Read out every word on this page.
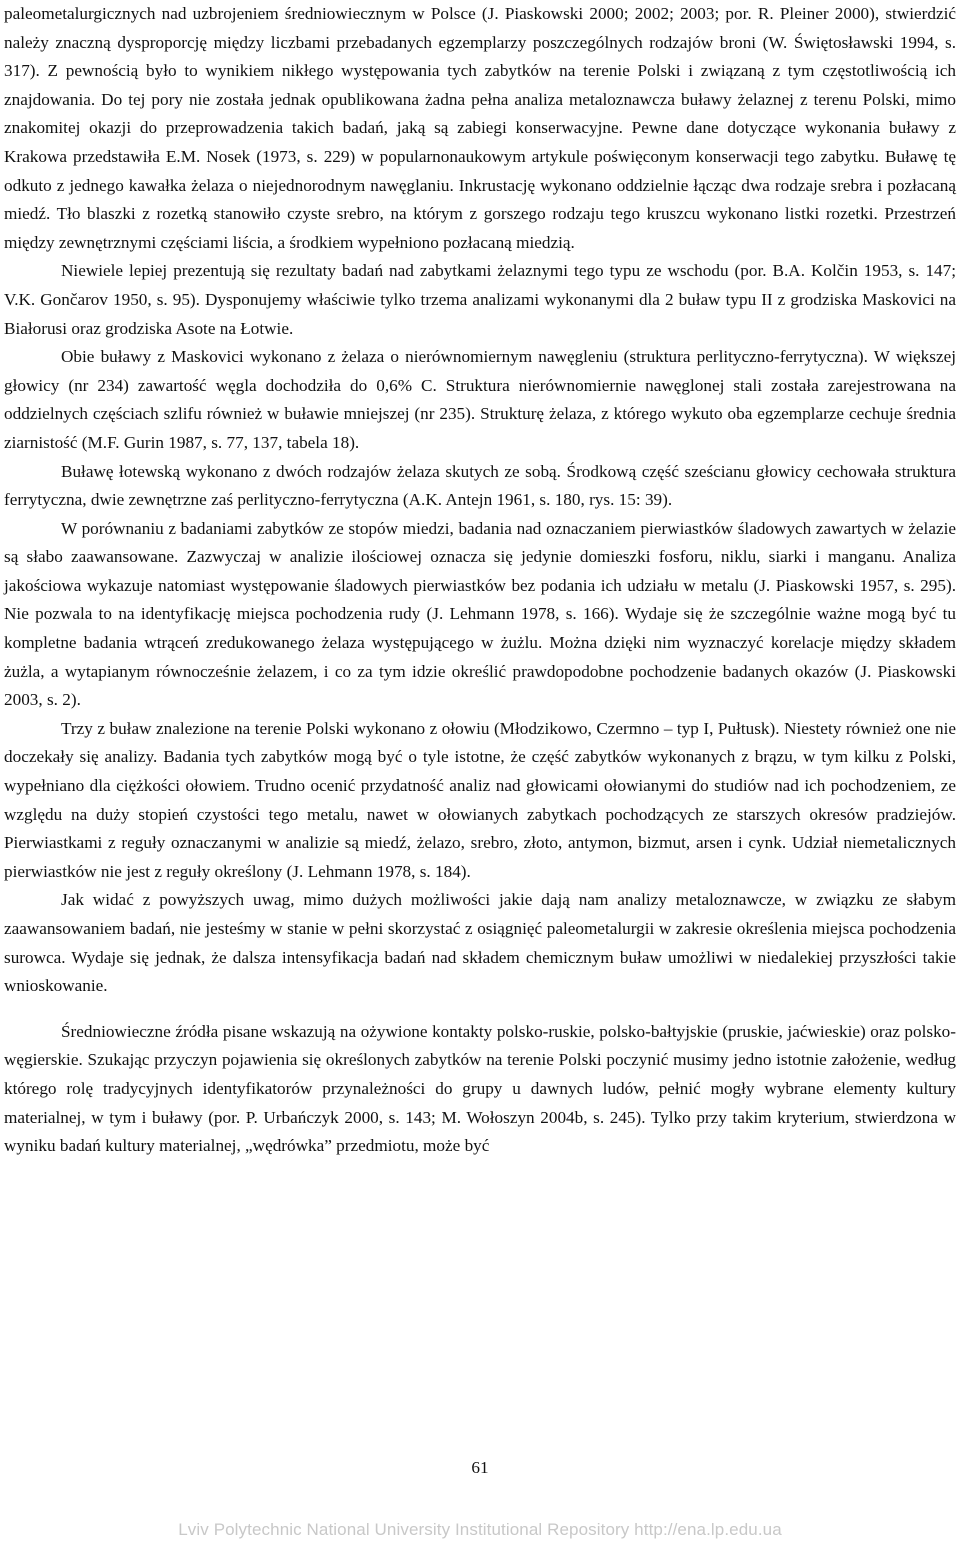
paleometalurgicznych nad uzbrojeniem średniowiecznym w Polsce (J. Piaskowski 2000; 2002; 2003; por. R. Pleiner 2000), stwierdzić należy znaczną dysproporcję między liczbami przebadanych egzemplarzy poszczególnych rodzajów broni (W. Świętosławski 1994, s. 317). Z pewnością było to wynikiem nikłego występowania tych zabytków na terenie Polski i związaną z tym częstotliwością ich znajdowania. Do tej pory nie została jednak opublikowana żadna pełna analiza metaloznawcza buławy żelaznej z terenu Polski, mimo znakomitej okazji do przeprowadzenia takich badań, jaką są zabiegi konserwacyjne. Pewne dane dotyczące wykonania buławy z Krakowa przedstawiła E.M. Nosek (1973, s. 229) w popularnonaukowym artykule poświęconym konserwacji tego zabytku. Buławę tę odkuto z jednego kawałka żelaza o niejednorodnym nawęglaniu. Inkrustację wykonano oddzielnie łącząc dwa rodzaje srebra i pozłacaną miedź. Tło blaszki z rozetką stanowiło czyste srebro, na którym z gorszego rodzaju tego kruszcu wykonano listki rozetki. Przestrzeń między zewnętrznymi częściami liścia, a środkiem wypełniono pozłacaną miedzią.

Niewiele lepiej prezentują się rezultaty badań nad zabytkami żelaznymi tego typu ze wschodu (por. B.A. Kolčin 1953, s. 147; V.K. Gončarov 1950, s. 95). Dysponujemy właściwie tylko trzema analizami wykonanymi dla 2 buław typu II z grodziska Maskovici na Białorusi oraz grodziska Asote na Łotwie.

Obie buławy z Maskovici wykonano z żelaza o nierównomiernym nawęgleniu (struktura perlityczno-ferrytyczna). W większej głowicy (nr 234) zawartość węgla dochodziła do 0,6% C. Struktura nierównomiernie nawęglonej stali została zarejestrowana na oddzielnych częściach szlifu również w buławie mniejszej (nr 235). Strukturę żelaza, z którego wykuto oba egzemplarze cechuje średnia ziarnistość (M.F. Gurin 1987, s. 77, 137, tabela 18).

Buławę łotewską wykonano z dwóch rodzajów żelaza skutych ze sobą. Środkową część sześcianu głowicy cechowała struktura ferrytyczna, dwie zewnętrzne zaś perlityczno-ferrytyczna (A.K. Antejn 1961, s. 180, rys. 15: 39).

W porównaniu z badaniami zabytków ze stopów miedzi, badania nad oznaczaniem pierwiastków śladowych zawartych w żelazie są słabo zaawansowane. Zazwyczaj w analizie ilościowej oznacza się jedynie domieszki fosforu, niklu, siarki i manganu. Analiza jakościowa wykazuje natomiast występowanie śladowych pierwiastków bez podania ich udziału w metalu (J. Piaskowski 1957, s. 295). Nie pozwala to na identyfikację miejsca pochodzenia rudy (J. Lehmann 1978, s. 166). Wydaje się że szczególnie ważne mogą być tu kompletne badania wtrąceń zredukowanego żelaza występującego w żużlu. Można dzięki nim wyznaczyć korelacje między składem żużla, a wytapianym równocześnie żelazem, i co za tym idzie określić prawdopodobne pochodzenie badanych okazów (J. Piaskowski 2003, s. 2).

Trzy z buław znalezione na terenie Polski wykonano z ołowiu (Młodzikowo, Czermno – typ I, Pułtusk). Niestety również one nie doczekały się analizy. Badania tych zabytków mogą być o tyle istotne, że część zabytków wykonanych z brązu, w tym kilku z Polski, wypełniano dla ciężkości ołowiem. Trudno ocenić przydatność analiz nad głowicami ołowianymi do studiów nad ich pochodzeniem, ze względu na duży stopień czystości tego metalu, nawet w ołowianych zabytkach pochodzących ze starszych okresów pradziejów. Pierwiastkami z reguły oznaczanymi w analizie są miedź, żelazo, srebro, złoto, antymon, bizmut, arsen i cynk. Udział niemetalicznych pierwiastków nie jest z reguły określony (J. Lehmann 1978, s. 184).

Jak widać z powyższych uwag, mimo dużych możliwości jakie dają nam analizy metaloznawcze, w związku ze słabym zaawansowaniem badań, nie jesteśmy w stanie w pełni skorzystać z osiągnięć paleometalurgii w zakresie określenia miejsca pochodzenia surowca. Wydaje się jednak, że dalsza intensyfikacja badań nad składem chemicznym buław umożliwi w niedalekiej przyszłości takie wnioskowanie.

Średniowieczne źródła pisane wskazują na ożywione kontakty polsko-ruskie, polsko-bałtyjskie (pruskie, jaćwieskie) oraz polsko-węgierskie. Szukając przyczyn pojawienia się określonych zabytków na terenie Polski poczynić musimy jedno istotnie założenie, według którego rolę tradycyjnych identyfikatorów przynależności do grupy u dawnych ludów, pełnić mogły wybrane elementy kultury materialnej, w tym i buławy (por. P. Urbańczyk 2000, s. 143; M. Wołoszyn 2004b, s. 245). Tylko przy takim kryterium, stwierdzona w wyniku badań kultury materialnej, „wędrówka” przedmiotu, może być

61
Lviv Polytechnic National University Institutional Repository http://ena.lp.edu.ua
